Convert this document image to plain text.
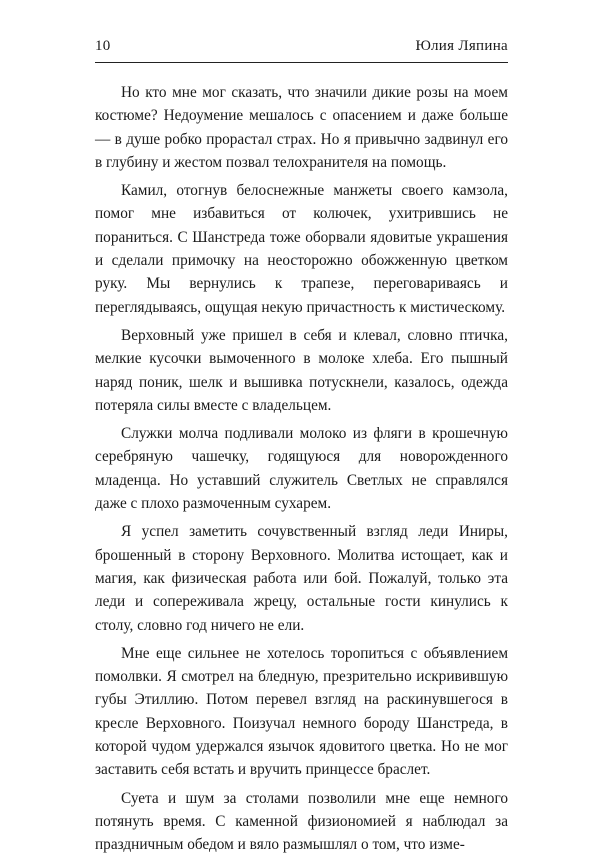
10	Юлия Ляпина

Но кто мне мог сказать, что значили дикие розы на моем костюме? Недоумение мешалось с опасением и даже больше — в душе робко прорастал страх. Но я привычно задвинул его в глубину и жестом позвал телохранителя на помощь.

Камил, отогнув белоснежные манжеты своего камзола, помог мне избавиться от колючек, ухитрившись не пораниться. С Шанстреда тоже оборвали ядовитые украшения и сделали примочку на неосторожно обожженную цветком руку. Мы вернулись к трапезе, переговариваясь и переглядываясь, ощущая некую причастность к мистическому.

Верховный уже пришел в себя и клевал, словно птичка, мелкие кусочки вымоченного в молоке хлеба. Его пышный наряд поник, шелк и вышивка потускнели, казалось, одежда потеряла силы вместе с владельцем.

Служки молча подливали молоко из фляги в крошечную серебряную чашечку, годящуюся для новорожденного младенца. Но уставший служитель Светлых не справлялся даже с плохо размоченным сухарем.

Я успел заметить сочувственный взгляд леди Иниры, брошенный в сторону Верховного. Молитва истощает, как и магия, как физическая работа или бой. Пожалуй, только эта леди и сопереживала жрецу, остальные гости кинулись к столу, словно год ничего не ели.

Мне еще сильнее не хотелось торопиться с объявлением помолвки. Я смотрел на бледную, презрительно искривившую губы Этиллию. Потом перевел взгляд на раскинувшегося в кресле Верховного. Поизучал немного бороду Шанстреда, в которой чудом удержался язычок ядовитого цветка. Но не мог заставить себя встать и вручить принцессе браслет.

Суета и шум за столами позволили мне еще немного потянуть время. С каменной физиономией я наблюдал за праздничным обедом и вяло размышлял о том, что изме-
